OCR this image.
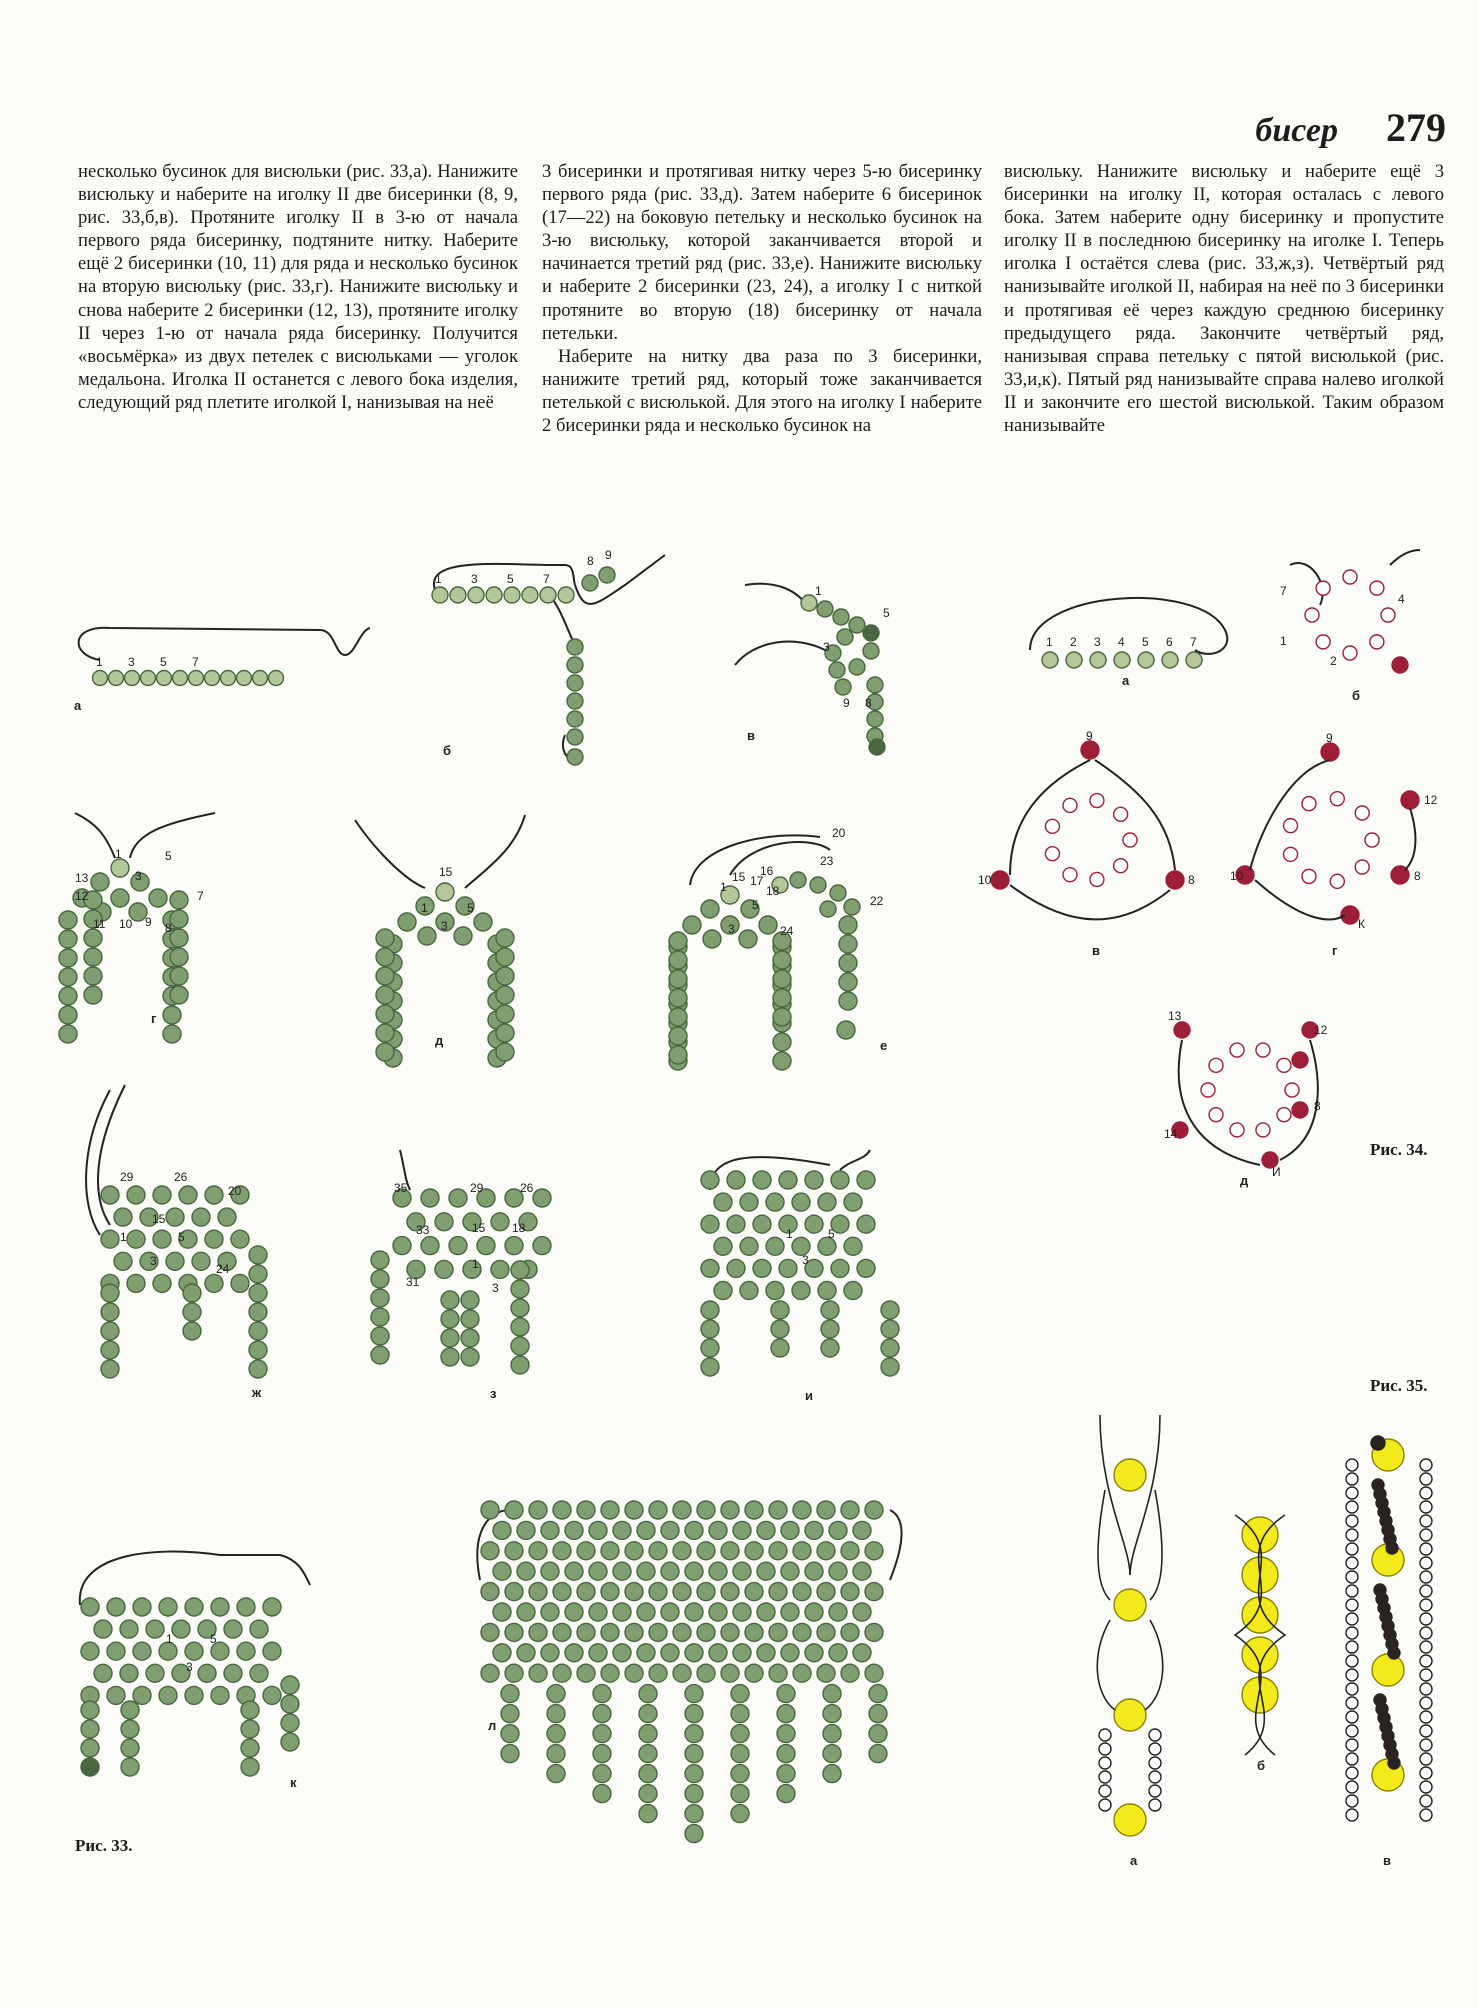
бисер 279

несколько бусинок для висюльки (рис. 33,а). Нанижите висюльку и наберите на иголку II две бисеринки (8, 9, рис. 33,б,в). Протяните иголку II в 3-ю от начала первого ряда бисеринку, подтяните нитку. Наберите ещё 2 бисеринки (10, 11) для ряда и несколько бусинок на вторую висюльку (рис. 33,г). Нанижите висюльку и снова наберите 2 бисеринки (12, 13), протяните иголку II через 1-ю от начала ряда бисеринку. Получится «восьмёрка» из двух петелек с висюльками — уголок медальона. Иголка II останется с левого бока изделия, следующий ряд плетите иголкой I, нанизывая на неё

3 бисеринки и протягивая нитку через 5-ю бисеринку первого ряда (рис. 33,д). Затем наберите 6 бисеринок (17—22) на боковую петельку и несколько бусинок на 3-ю висюльку, которой заканчивается второй и начинается третий ряд (рис. 33,е). Нанижите висюльку и наберите 2 бисеринки (23, 24), а иголку I с ниткой протяните во вторую (18) бисеринку от начала петельки.

Наберите на нитку два раза по 3 бисеринки, нанижите третий ряд, который тоже заканчивается петелькой с висюлькой. Для этого на иголку I наберите 2 бисеринки ряда и несколько бусинок на

висюльку. Нанижите висюльку и наберите ещё 3 бисеринки на иголку II, которая осталась с левого бока. Затем наберите одну бисеринку и пропустите иголку II в последнюю бисеринку на иголке I. Теперь иголка I остаётся слева (рис. 33,ж,з). Четвёртый ряд нанизывайте иголкой II, набирая на неё по 3 бисеринки и протягивая её через каждую среднюю бисеринку предыдущего ряда. Закончите четвёртый ряд, нанизывая справа петельку с пятой висюлькой (рис. 33,и,к). Пятый ряд нанизывайте справа налево иголкой II и закончите его шестой висюлькой. Таким образом нанизывайте

1 3 5 7
а
1 3 5 7
8 9
б
1
5
3
9 8
в
1
3
5
7
13
12
11 10 9 8
г
15
1
3
5
д
20
15 16
17
18
23
22
1
5
3	24
е
29	26
20
15
1	5
3
24
ж
35	29	26
33	15 18
31
1
3
з
1	5
3
и
1	5
3
к
л
Рис. 33.
1 2 3 4 5 6 7
а
7
4
1
2
б
9
10	8
в
9
12
10	8
К
г
13
12
8
14
И
д
Рис. 34.
Рис. 35.
а
б
в
